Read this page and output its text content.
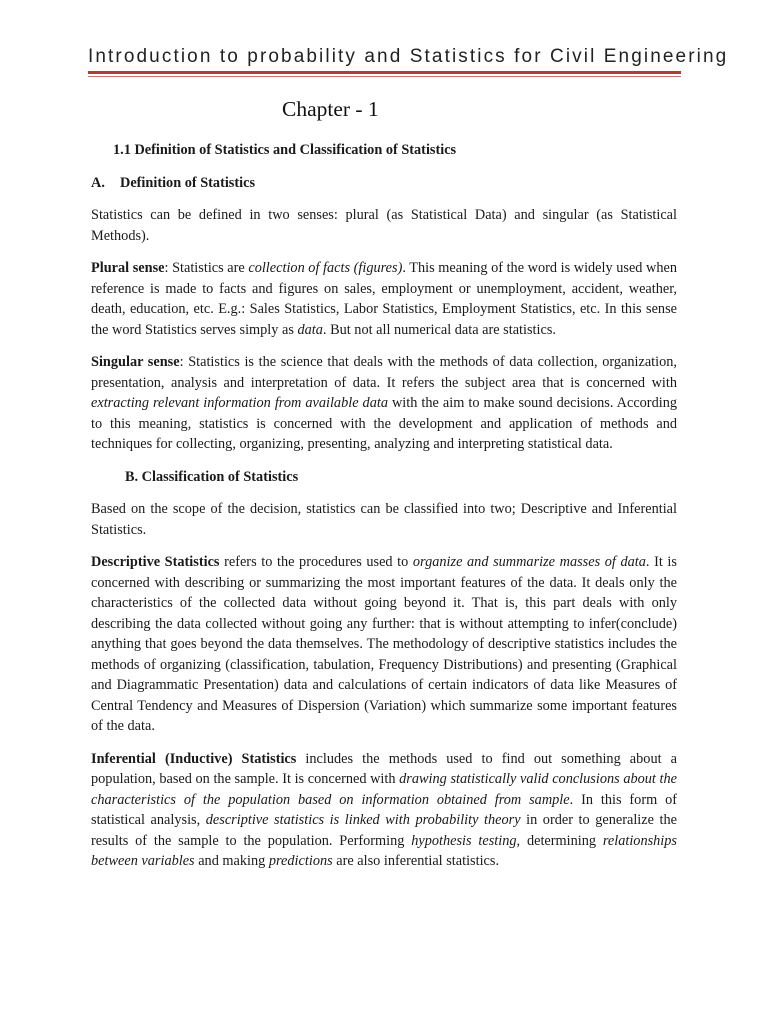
Introduction to probability and Statistics for Civil Engineering
Chapter - 1

1.1 Definition of Statistics and Classification of Statistics

A. Definition of Statistics

Statistics can be defined in two senses: plural (as Statistical Data) and singular (as Statistical Methods).

Plural sense: Statistics are collection of facts (figures). This meaning of the word is widely used when reference is made to facts and figures on sales, employment or unemployment, accident, weather, death, education, etc. E.g.: Sales Statistics, Labor Statistics, Employment Statistics, etc. In this sense the word Statistics serves simply as data. But not all numerical data are statistics.

Singular sense: Statistics is the science that deals with the methods of data collection, organization, presentation, analysis and interpretation of data. It refers the subject area that is concerned with extracting relevant information from available data with the aim to make sound decisions. According to this meaning, statistics is concerned with the development and application of methods and techniques for collecting, organizing, presenting, analyzing and interpreting statistical data.

B. Classification of Statistics

Based on the scope of the decision, statistics can be classified into two; Descriptive and Inferential Statistics.

Descriptive Statistics refers to the procedures used to organize and summarize masses of data. It is concerned with describing or summarizing the most important features of the data. It deals only the characteristics of the collected data without going beyond it. That is, this part deals with only describing the data collected without going any further: that is without attempting to infer(conclude) anything that goes beyond the data themselves. The methodology of descriptive statistics includes the methods of organizing (classification, tabulation, Frequency Distributions) and presenting (Graphical and Diagrammatic Presentation) data and calculations of certain indicators of data like Measures of Central Tendency and Measures of Dispersion (Variation) which summarize some important features of the data.

Inferential (Inductive) Statistics includes the methods used to find out something about a population, based on the sample. It is concerned with drawing statistically valid conclusions about the characteristics of the population based on information obtained from sample. In this form of statistical analysis, descriptive statistics is linked with probability theory in order to generalize the results of the sample to the population. Performing hypothesis testing, determining relationships between variables and making predictions are also inferential statistics.
